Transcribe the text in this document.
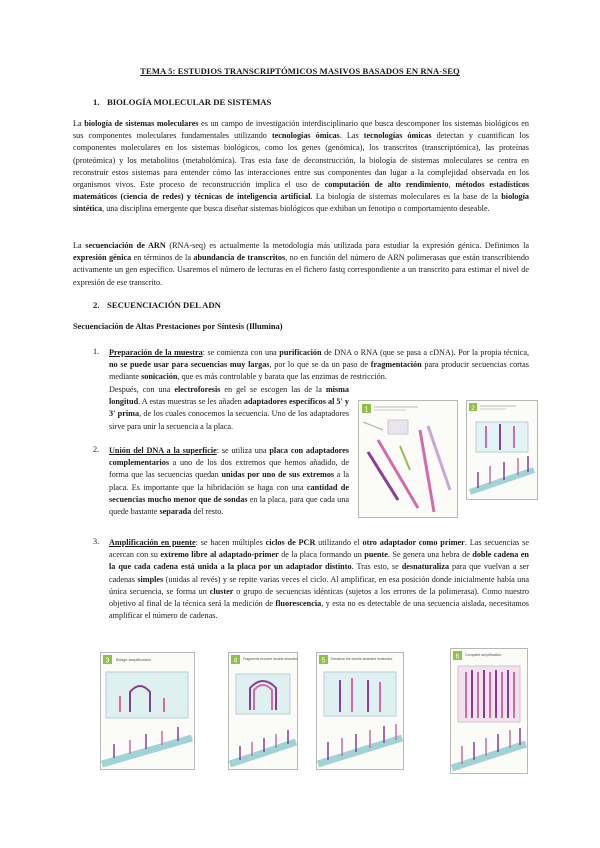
TEMA 5: ESTUDIOS TRANSCRIPTÓMICOS MASIVOS BASADOS EN RNA-SEQ
1. BIOLOGÍA MOLECULAR DE SISTEMAS
La biología de sistemas moleculares es un campo de investigación interdisciplinario que busca descomponer los sistemas biológicos en sus componentes moleculares fundamentales utilizando tecnologías ómicas. Las tecnologías ómicas detectan y cuantifican los componentes moleculares en los sistemas biológicos, como los genes (genómica), los transcritos (transcriptómica), las proteínas (proteómica) y los metabolitos (metabolómica). Tras esta fase de deconstrucción, la biología de sistemas moleculares se centra en reconstruir estos sistemas para entender cómo las interacciones entre sus componentes dan lugar a la complejidad observada en los organismos vivos. Este proceso de reconstrucción implica el uso de computación de alto rendimiento, métodos estadísticos matemáticos (ciencia de redes) y técnicas de inteligencia artificial. La biología de sistemas moleculares es la base de la biología sintética, una disciplina emergente que busca diseñar sistemas biológicos que exhiban un fenotipo o comportamiento deseable.
La secuenciación de ARN (RNA-seq) es actualmente la metodología más utilizada para estudiar la expresión génica. Definimos la expresión génica en términos de la abundancia de transcritos, no en función del número de ARN polimerasas que están transcribiendo activamente un gen específico. Usaremos el número de lecturas en el fichero fastq correspondiente a un transcrito para estimar el nivel de expresión de ese transcrito.
2. SECUENCIACIÓN DEL ADN
Secuenciación de Altas Prestaciones por Síntesis (Illumina)
1. Preparación de la muestra: se comienza con una purificación de DNA o RNA (que se pasa a cDNA). Por la propia técnica, no se puede usar para secuencias muy largas, por lo que se da un paso de fragmentación para producir secuencias cortas mediante sonicación, que es más controlable y barata que las enzimas de restricción.
Después, con una electroforesis en gel se escogen las de la misma longitud. A estas muestras se les añaden adaptadores específicos al 5' y 3' prima, de los cuales conocemos la secuencia. Uno de los adaptadores sirve para unir la secuencia a la placa.
2. Unión del DNA a la superficie: se utiliza una placa con adaptadores complementarios a uno de los dos extremos que hemos añadido, de forma que las secuencias quedan unidas por uno de sus extremos a la placa. Es importante que la hibridación se haga con una cantidad de secuencias mucho menor que de sondas en la placa, para que cada una quede bastante separada del resto.
3. Amplificación en puente: se hacen múltiples ciclos de PCR utilizando el otro adaptador como primer. Las secuencias se acercan con su extremo libre al adaptado-primer de la placa formando un puente. Se genera una hebra de doble cadena en la que cada cadena está unida a la placa por un adaptador distinto. Tras esto, se desnaturaliza para que vuelvan a ser cadenas simples (unidas al revés) y se repite varias veces el ciclo. Al amplificar, en esa posición donde inicialmente había una única secuencia, se forma un cluster o grupo de secuencias idénticas (sujetos a los errores de la polimerasa). Como nuestro objetivo al final de la técnica será la medición de fluorescencia, y esta no es detectable de una secuencia aislada, necesitamos amplificar el número de cadenas.
1	2
3 Bridge amplification	4 Fragments become double stranded	5 Denature the double-stranded molecules	6 Complete amplification
